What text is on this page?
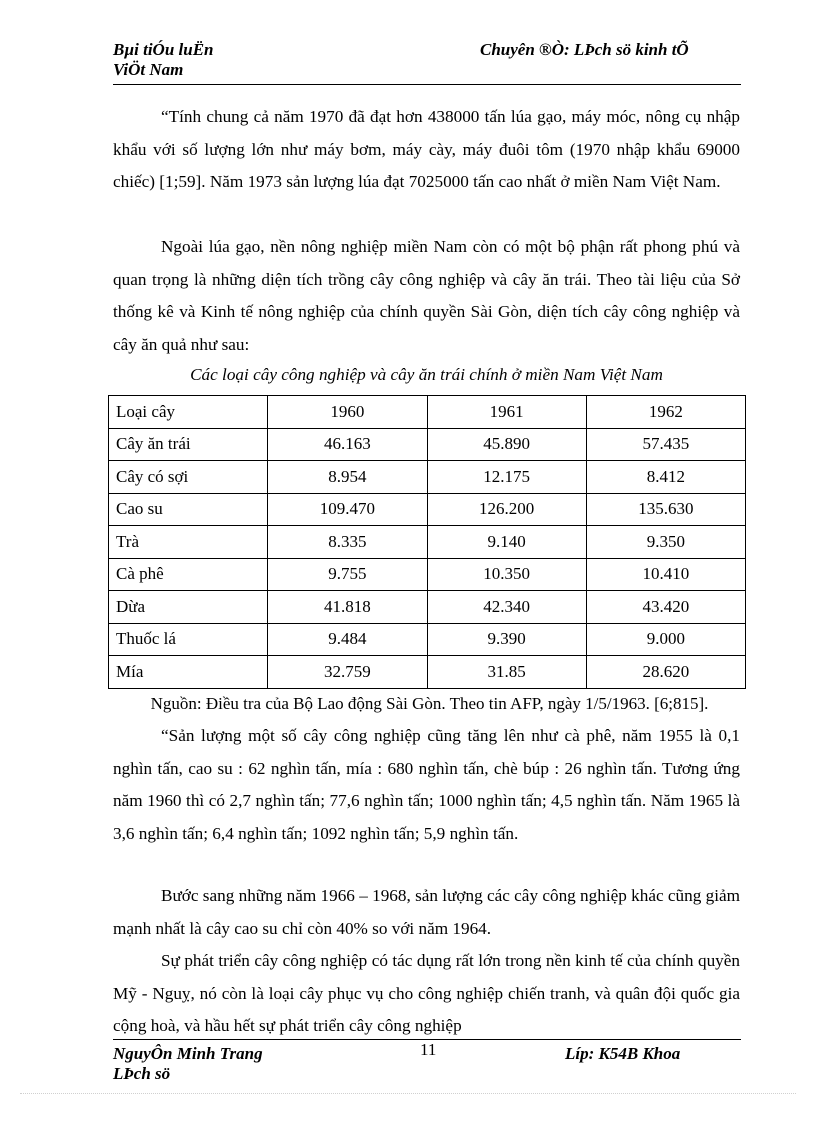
Bµi tiÓu luËn
ViÖt Nam
Chuyên ®Ò: LÞch sö kinh tÕ

“Tính chung cả năm 1970 đã đạt hơn 438000 tấn lúa gạo, máy móc, nông cụ nhập khẩu với số lượng lớn như máy bơm, máy cày, máy đuôi tôm (1970 nhập khẩu 69000 chiếc) [1;59]. Năm 1973 sản lượng lúa đạt 7025000 tấn cao nhất ở miền Nam Việt Nam.

Ngoài lúa gạo, nền nông nghiệp miền Nam còn có một bộ phận rất phong phú và quan trọng là những diện tích trồng cây công nghiệp và cây ăn trái. Theo tài liệu của Sở thống kê và Kinh tế nông nghiệp của chính quyền Sài Gòn, diện tích cây công nghiệp và cây ăn quả như sau:

Các loại cây công nghiệp và cây ăn trái chính ở miền Nam Việt Nam
Loại cây	1960	1961	1962
Cây ăn trái	46.163	45.890	57.435
Cây có sợi	8.954	12.175	8.412
Cao su	109.470	126.200	135.630
Trà	8.335	9.140	9.350
Cà phê	9.755	10.350	10.410
Dừa	41.818	42.340	43.420
Thuốc lá	9.484	9.390	9.000
Mía	32.759	31.85	28.620
Nguồn: Điều tra của Bộ Lao động Sài Gòn. Theo tin AFP, ngày 1/5/1963. [6;815].

“Sản lượng một số cây công nghiệp cũng tăng lên như cà phê, năm 1955 là 0,1 nghìn tấn, cao su : 62 nghìn tấn, mía : 680 nghìn tấn, chè búp : 26 nghìn tấn. Tương ứng năm 1960 thì có 2,7 nghìn tấn; 77,6 nghìn tấn; 1000 nghìn tấn; 4,5 nghìn tấn. Năm 1965 là 3,6 nghìn tấn; 6,4 nghìn tấn; 1092 nghìn tấn; 5,9 nghìn tấn.

Bước sang những năm 1966 – 1968, sản lượng các cây công nghiệp khác cũng giảm mạnh nhất là cây cao su chỉ còn 40% so với năm 1964.

Sự phát triển cây công nghiệp có tác dụng rất lớn trong nền kinh tế của chính quyền Mỹ - Nguỵ, nó còn là loại cây phục vụ cho công nghiệp chiến tranh, và quân đội quốc gia cộng hoà, và hầu hết sự phát triển cây công nghiệp

NguyÔn Minh Trang
LÞch sö
11	Líp: K54B Khoa
